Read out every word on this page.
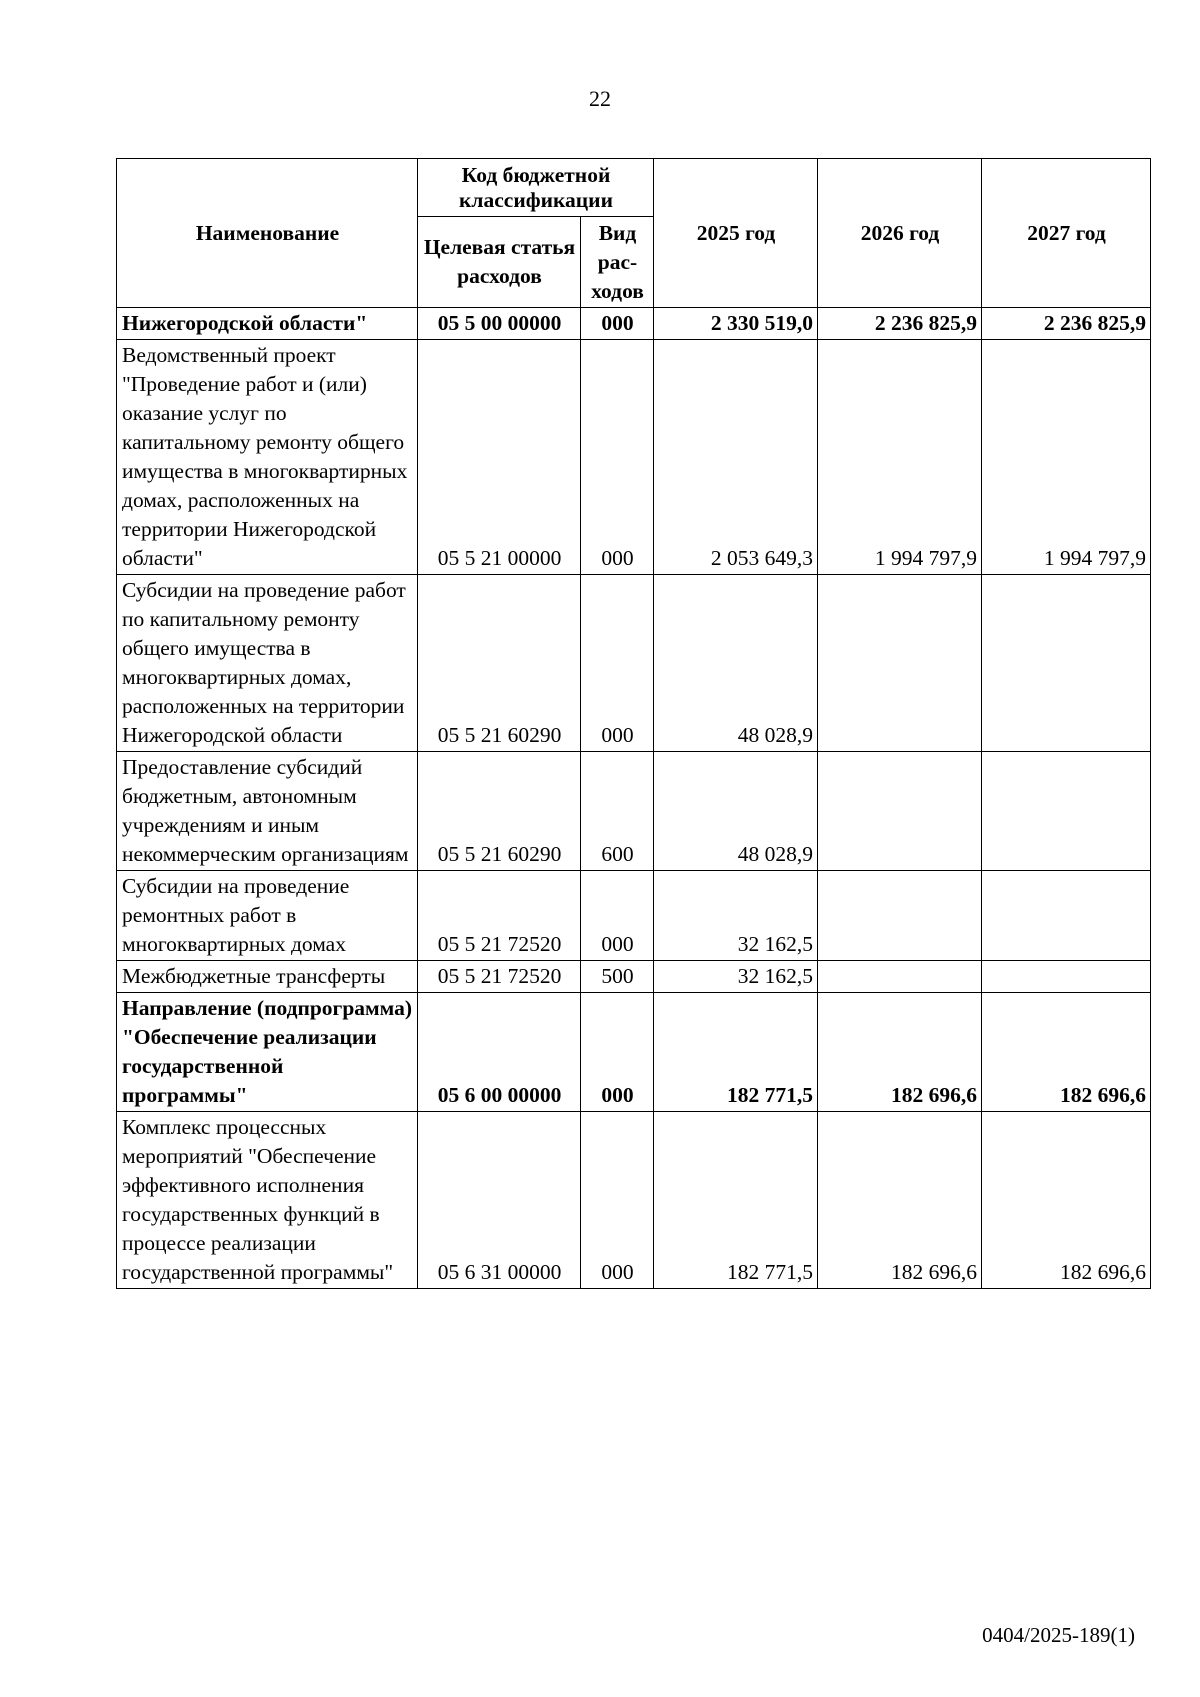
22
Наименование	Код бюджетной классификации		2025 год	2026 год	2027 год
	Целевая статья расходов	Вид рас-ходов			
Нижегородской области"	05 5 00 00000	000	2 330 519,0	2 236 825,9	2 236 825,9
Ведомственный проект "Проведение работ и (или) оказание услуг по капитальному ремонту общего имущества в многоквартирных домах, расположенных на территории Нижегородской области"	05 5 21 00000	000	2 053 649,3	1 994 797,9	1 994 797,9
Субсидии на проведение работ по капитальному ремонту общего имущества в многоквартирных домах, расположенных на территории Нижегородской области	05 5 21 60290	000	48 028,9		
Предоставление субсидий бюджетным, автономным учреждениям и иным некоммерческим организациям	05 5 21 60290	600	48 028,9		
Субсидии на проведение ремонтных работ в многоквартирных домах	05 5 21 72520	000	32 162,5		
Межбюджетные трансферты	05 5 21 72520	500	32 162,5		
Направление (подпрограмма) "Обеспечение реализации государственной программы"	05 6 00 00000	000	182 771,5	182 696,6	182 696,6
Комплекс процессных мероприятий "Обеспечение эффективного исполнения государственных функций в процессе реализации государственной программы"	05 6 31 00000	000	182 771,5	182 696,6	182 696,6
0404/2025-189(1)
